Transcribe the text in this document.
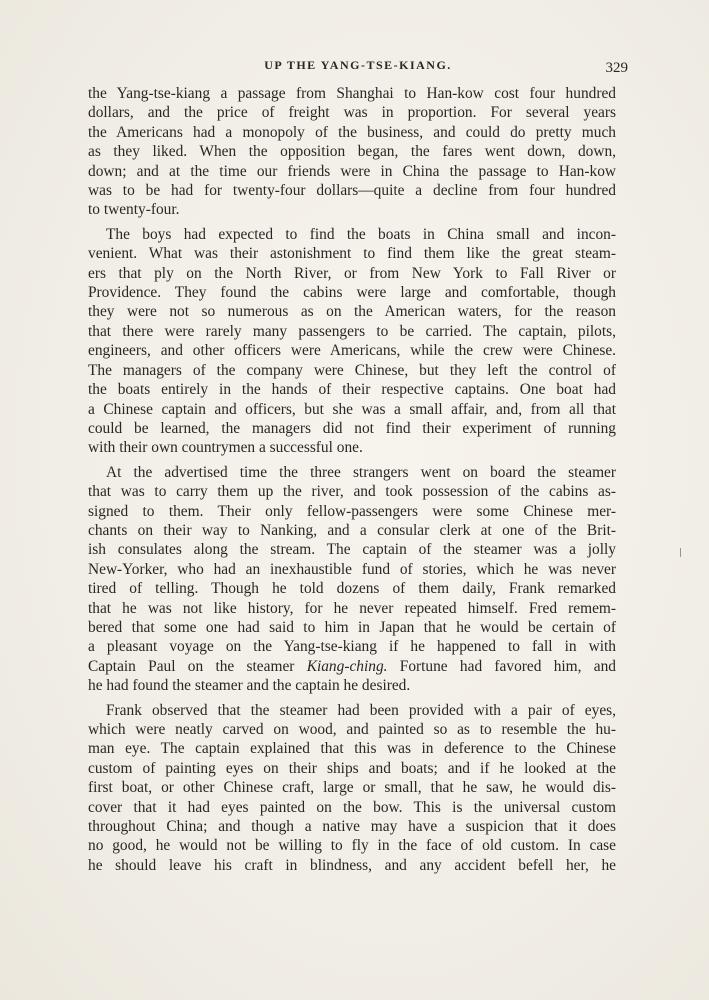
UP THE YANG-TSE-KIANG.	329

the Yang-tse-kiang a passage from Shanghai to Han-kow cost four hundred
dollars, and the price of freight was in proportion. For several years
the Americans had a monopoly of the business, and could do pretty much
as they liked. When the opposition began, the fares went down, down,
down; and at the time our friends were in China the passage to Han-kow
was to be had for twenty-four dollars—quite a decline from four hundred
to twenty-four.

The boys had expected to find the boats in China small and incon-
venient. What was their astonishment to find them like the great steam-
ers that ply on the North River, or from New York to Fall River or
Providence. They found the cabins were large and comfortable, though
they were not so numerous as on the American waters, for the reason
that there were rarely many passengers to be carried. The captain, pilots,
engineers, and other officers were Americans, while the crew were Chinese.
The managers of the company were Chinese, but they left the control of
the boats entirely in the hands of their respective captains. One boat had
a Chinese captain and officers, but she was a small affair, and, from all that
could be learned, the managers did not find their experiment of running
with their own countrymen a successful one.

At the advertised time the three strangers went on board the steamer
that was to carry them up the river, and took possession of the cabins as-
signed to them. Their only fellow-passengers were some Chinese mer-
chants on their way to Nanking, and a consular clerk at one of the Brit-
ish consulates along the stream. The captain of the steamer was a jolly
New-Yorker, who had an inexhaustible fund of stories, which he was never
tired of telling. Though he told dozens of them daily, Frank remarked
that he was not like history, for he never repeated himself. Fred remem-
bered that some one had said to him in Japan that he would be certain of
a pleasant voyage on the Yang-tse-kiang if he happened to fall in with
Captain Paul on the steamer Kiang-ching. Fortune had favored him, and
he had found the steamer and the captain he desired.

Frank observed that the steamer had been provided with a pair of eyes,
which were neatly carved on wood, and painted so as to resemble the hu-
man eye. The captain explained that this was in deference to the Chinese
custom of painting eyes on their ships and boats; and if he looked at the
first boat, or other Chinese craft, large or small, that he saw, he would dis-
cover that it had eyes painted on the bow. This is the universal custom
throughout China; and though a native may have a suspicion that it does
no good, he would not be willing to fly in the face of old custom. In case
he should leave his craft in blindness, and any accident befell her, he
